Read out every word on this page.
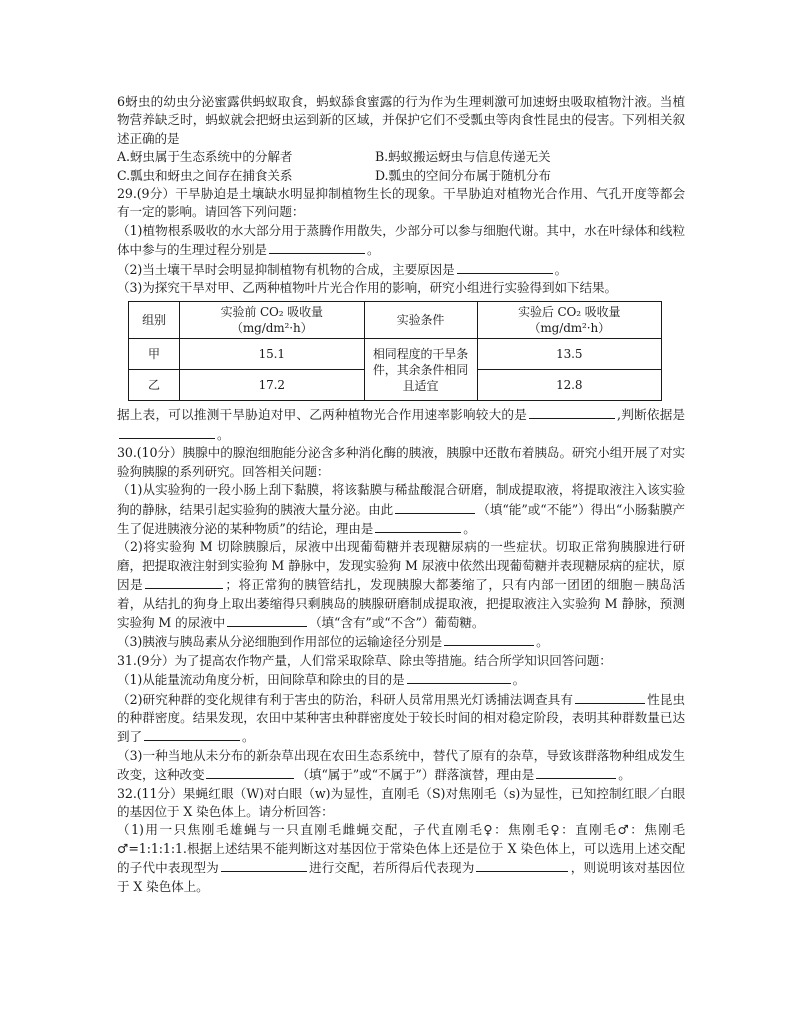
6蚜虫的幼虫分泌蜜露供蚂蚁取食，蚂蚁舔食蜜露的行为作为生理刺激可加速蚜虫吸取植物汁液。当植物营养缺乏时，蚂蚁就会把蚜虫运到新的区域，并保护它们不受瓢虫等肉食性昆虫的侵害。下列相关叙述正确的是

A.蚜虫属于生态系统中的分解者	B.蚂蚁搬运蚜虫与信息传递无关
C.瓢虫和蚜虫之间存在捕食关系	D.瓢虫的空间分布属于随机分布

29.(9分）干旱胁迫是土壤缺水明显抑制植物生长的现象。干旱胁迫对植物光合作用、气孔开度等都会有一定的影响。请回答下列问题：

（1)植物根系吸收的水大部分用于蒸腾作用散失，少部分可以参与细胞代谢。其中，水在叶绿体和线粒体中参与的生理过程分别是	。

（2)当土壤干旱时会明显抑制植物有机物的合成，主要原因是	。

（3)为探究干旱对甲、乙两种植物叶片光合作用的影响，研究小组进行实验得到如下结果。

组别	实验前 CO₂ 吸收量（mg/dm²·h）	实验条件	实验后 CO₂ 吸收量（mg/dm²·h）
甲	15.1	相同程度的干旱条件，其余条件相同且适宜	13.5
乙	17.2		12.8

据上表，可以推测干旱胁迫对甲、乙两种植物光合作用速率影响较大的是	,判断依据是。

30.(10分）胰腺中的腺泡细胞能分泌含多种消化酶的胰液，胰腺中还散布着胰岛。研究小组开展了对实验狗胰腺的系列研究。回答相关问题：

（1)从实验狗的一段小肠上刮下黏膜，将该黏膜与稀盐酸混合研磨，制成提取液，将提取液注入该实验狗的静脉，结果引起实验狗的胰液大量分泌。由此	（填“能”或“不能”）得出“小肠黏膜产生了促进胰液分泌的某种物质”的结论，理由是	。

（2)将实验狗 M 切除胰腺后，尿液中出现葡萄糖并表现糖尿病的一些症状。切取正常狗胰腺进行研磨，把提取液注射到实验狗 M 静脉中，发现实验狗 M 尿液中依然出现葡萄糖并表现糖尿病的症状，原因是	；将正常狗的胰管结扎，发现胰腺大都萎缩了，只有内部一团团的细胞－胰岛活着，从结扎的狗身上取出萎缩得只剩胰岛的胰腺研磨制成提取液，把提取液注入实验狗 M 静脉，预测实验狗 M 的尿液中	（填“含有”或“不含”）葡萄糖。

（3)胰液与胰岛素从分泌细胞到作用部位的运输途径分别是	。

31.(9分）为了提高农作物产量，人们常采取除草、除虫等措施。结合所学知识回答问题：

（1)从能量流动角度分析，田间除草和除虫的目的是	。

（2)研究种群的变化规律有利于害虫的防治，科研人员常用黑光灯诱捕法调查具有	性昆虫的种群密度。结果发现，农田中某种害虫种群密度处于较长时间的相对稳定阶段，表明其种群数量已达到了	。

（3)一种当地从未分布的新杂草出现在农田生态系统中，替代了原有的杂草，导致该群落物种组成发生改变，这种改变	（填“属于”或“不属于”）群落演替，理由是	。

32.(11分）果蝇红眼（W)对白眼（w)为显性，直刚毛（S)对焦刚毛（s)为显性，已知控制红眼／白眼的基因位于 X 染色体上。请分析回答：

（1)用一只焦刚毛雄蝇与一只直刚毛雌蝇交配，子代直刚毛♀：焦刚毛♀：直刚毛♂：焦刚毛♂=1:1:1:1.根据上述结果不能判断这对基因位于常染色体上还是位于 X 染色体上，可以选用上述交配的子代中表现型为	进行交配，若所得后代表现为	，则说明该对基因位于 X 染色体上。
